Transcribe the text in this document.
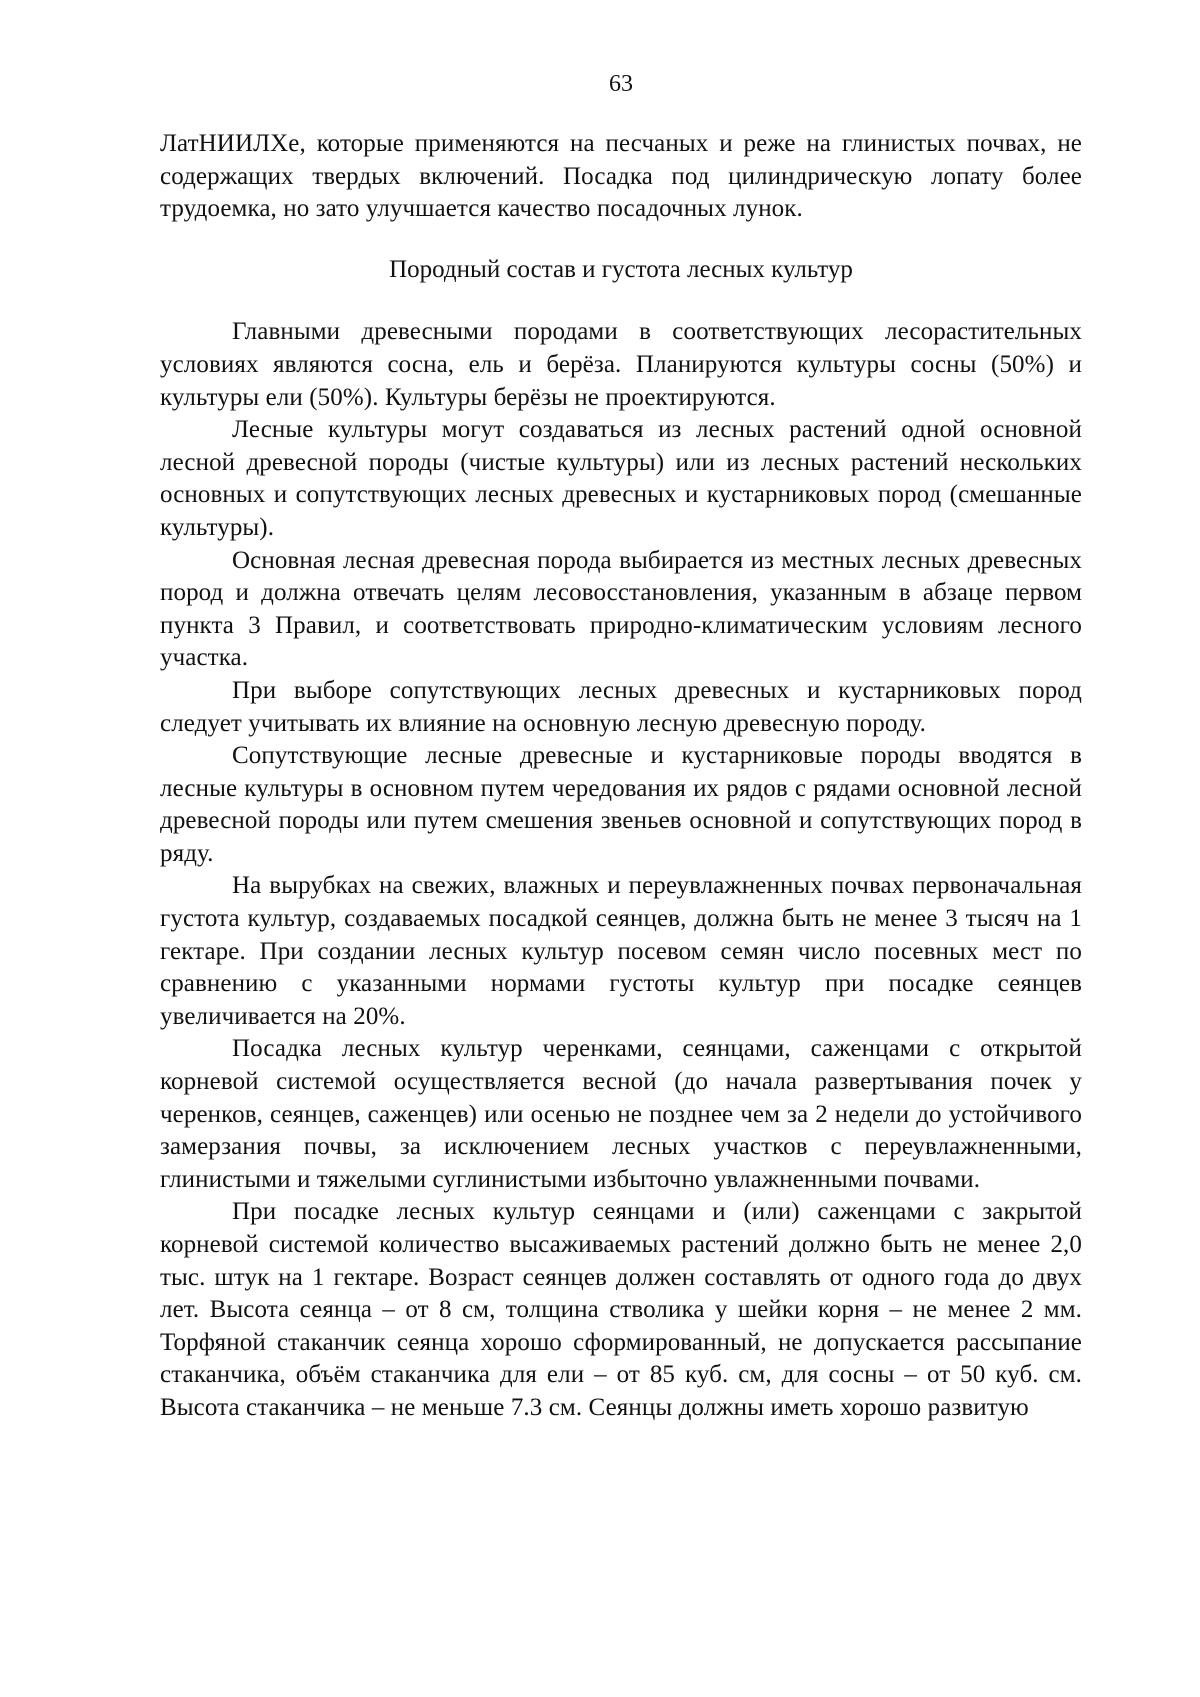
63

ЛатНИИЛХе, которые применяются на песчаных и реже на глинистых почвах, не содержащих твердых включений. Посадка под цилиндрическую лопату более трудоемка, но зато улучшается качество посадочных лунок.

Породный состав и густота лесных культур

Главными древесными породами в соответствующих лесорастительных условиях являются сосна, ель и берёза. Планируются культуры сосны (50%) и культуры ели (50%). Культуры берёзы не проектируются.

Лесные культуры могут создаваться из лесных растений одной основной лесной древесной породы (чистые культуры) или из лесных растений нескольких основных и сопутствующих лесных древесных и кустарниковых пород (смешанные культуры).

Основная лесная древесная порода выбирается из местных лесных древесных пород и должна отвечать целям лесовосстановления, указанным в абзаце первом пункта 3 Правил, и соответствовать природно-климатическим условиям лесного участка.

При выборе сопутствующих лесных древесных и кустарниковых пород следует учитывать их влияние на основную лесную древесную породу.

Сопутствующие лесные древесные и кустарниковые породы вводятся в лесные культуры в основном путем чередования их рядов с рядами основной лесной древесной породы или путем смешения звеньев основной и сопутствующих пород в ряду.

На вырубках на свежих, влажных и переувлажненных почвах первоначальная густота культур, создаваемых посадкой сеянцев, должна быть не менее 3 тысяч на 1 гектаре. При создании лесных культур посевом семян число посевных мест по сравнению с указанными нормами густоты культур при посадке сеянцев увеличивается на 20%.

Посадка лесных культур черенками, сеянцами, саженцами с открытой корневой системой осуществляется весной (до начала развертывания почек у черенков, сеянцев, саженцев) или осенью не позднее чем за 2 недели до устойчивого замерзания почвы, за исключением лесных участков с переувлажненными, глинистыми и тяжелыми суглинистыми избыточно увлажненными почвами.

При посадке лесных культур сеянцами и (или) саженцами с закрытой корневой системой количество высаживаемых растений должно быть не менее 2,0 тыс. штук на 1 гектаре. Возраст сеянцев должен составлять от одного года до двух лет. Высота сеянца – от 8 см, толщина стволика у шейки корня – не менее 2 мм. Торфяной стаканчик сеянца хорошо сформированный, не допускается рассыпание стаканчика, объём стаканчика для ели – от 85 куб. см, для сосны – от 50 куб. см. Высота стаканчика – не меньше 7.3 см. Сеянцы должны иметь хорошо развитую
